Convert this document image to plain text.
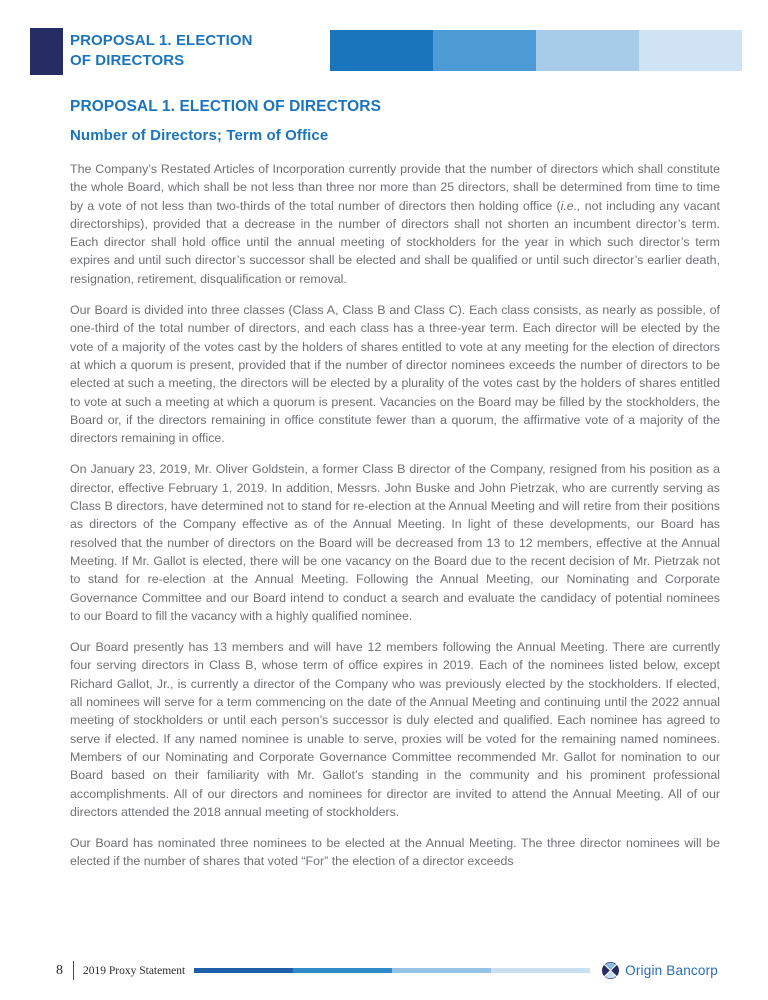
PROPOSAL 1. ELECTION OF DIRECTORS
PROPOSAL 1. ELECTION OF DIRECTORS
Number of Directors; Term of Office

The Company’s Restated Articles of Incorporation currently provide that the number of directors which shall constitute the whole Board, which shall be not less than three nor more than 25 directors, shall be determined from time to time by a vote of not less than two-thirds of the total number of directors then holding office (i.e., not including any vacant directorships), provided that a decrease in the number of directors shall not shorten an incumbent director’s term. Each director shall hold office until the annual meeting of stockholders for the year in which such director’s term expires and until such director’s successor shall be elected and shall be qualified or until such director’s earlier death, resignation, retirement, disqualification or removal.

Our Board is divided into three classes (Class A, Class B and Class C). Each class consists, as nearly as possible, of one-third of the total number of directors, and each class has a three-year term. Each director will be elected by the vote of a majority of the votes cast by the holders of shares entitled to vote at any meeting for the election of directors at which a quorum is present, provided that if the number of director nominees exceeds the number of directors to be elected at such a meeting, the directors will be elected by a plurality of the votes cast by the holders of shares entitled to vote at such a meeting at which a quorum is present. Vacancies on the Board may be filled by the stockholders, the Board or, if the directors remaining in office constitute fewer than a quorum, the affirmative vote of a majority of the directors remaining in office.

On January 23, 2019, Mr. Oliver Goldstein, a former Class B director of the Company, resigned from his position as a director, effective February 1, 2019. In addition, Messrs. John Buske and John Pietrzak, who are currently serving as Class B directors, have determined not to stand for re-election at the Annual Meeting and will retire from their positions as directors of the Company effective as of the Annual Meeting. In light of these developments, our Board has resolved that the number of directors on the Board will be decreased from 13 to 12 members, effective at the Annual Meeting. If Mr. Gallot is elected, there will be one vacancy on the Board due to the recent decision of Mr. Pietrzak not to stand for re-election at the Annual Meeting. Following the Annual Meeting, our Nominating and Corporate Governance Committee and our Board intend to conduct a search and evaluate the candidacy of potential nominees to our Board to fill the vacancy with a highly qualified nominee.

Our Board presently has 13 members and will have 12 members following the Annual Meeting. There are currently four serving directors in Class B, whose term of office expires in 2019. Each of the nominees listed below, except Richard Gallot, Jr., is currently a director of the Company who was previously elected by the stockholders. If elected, all nominees will serve for a term commencing on the date of the Annual Meeting and continuing until the 2022 annual meeting of stockholders or until each person’s successor is duly elected and qualified. Each nominee has agreed to serve if elected. If any named nominee is unable to serve, proxies will be voted for the remaining named nominees. Members of our Nominating and Corporate Governance Committee recommended Mr. Gallot for nomination to our Board based on their familiarity with Mr. Gallot’s standing in the community and his prominent professional accomplishments. All of our directors and nominees for director are invited to attend the Annual Meeting. All of our directors attended the 2018 annual meeting of stockholders.

Our Board has nominated three nominees to be elected at the Annual Meeting. The three director nominees will be elected if the number of shares that voted “For” the election of a director exceeds

8 2019 Proxy Statement	Origin Bancorp
